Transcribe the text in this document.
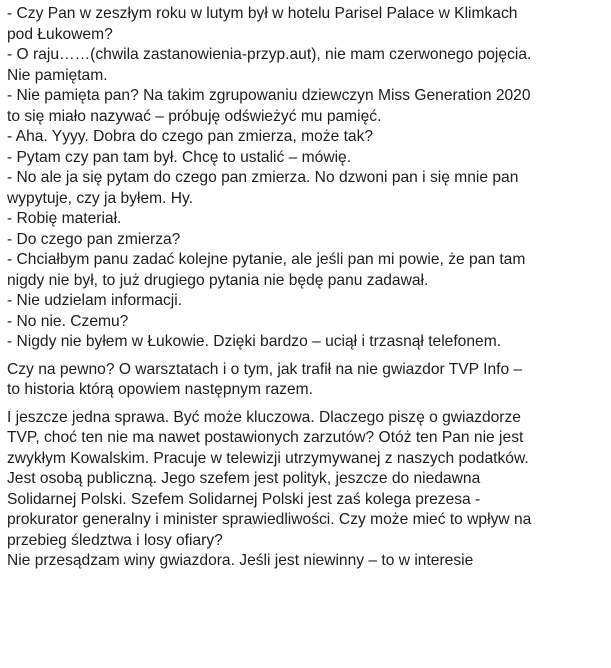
- Czy Pan w zeszłym roku w lutym był w hotelu Parisel Palace w Klimkach
pod Łukowem?
- O raju……(chwila zastanowienia-przyp.aut), nie mam czerwonego pojęcia.
Nie pamiętam.
- Nie pamięta pan? Na takim zgrupowaniu dziewczyn Miss Generation 2020
to się miało nazywać – próbuję odświeżyć mu pamięć.
- Aha. Yyyy. Dobra do czego pan zmierza, może tak?
- Pytam czy pan tam był. Chcę to ustalić – mówię.
- No ale ja się pytam do czego pan zmierza. No dzwoni pan i się mnie pan
wypytuje, czy ja byłem. Hy.
- Robię materiał.
- Do czego pan zmierza?
- Chciałbym panu zadać kolejne pytanie, ale jeśli pan mi powie, że pan tam
nigdy nie był, to już drugiego pytania nie będę panu zadawał.
- Nie udzielam informacji.
- No nie. Czemu?
- Nigdy nie byłem w Łukowie. Dzięki bardzo – uciął i trzasnął telefonem.
Czy na pewno? O warsztatach i o tym, jak trafił na nie gwiazdor TVP Info –
to historia którą opowiem następnym razem.
I jeszcze jedna sprawa. Być może kluczowa. Dlaczego piszę o gwiazdorze
TVP, choć ten nie ma nawet postawionych zarzutów? Otóż ten Pan nie jest
zwykłym Kowalskim. Pracuje w telewizji utrzymywanej z naszych podatków.
Jest osobą publiczną. Jego szefem jest polityk, jeszcze do niedawna
Solidarnej Polski. Szefem Solidarnej Polski jest zaś kolega prezesa -
prokurator generalny i minister sprawiedliwości. Czy może mieć to wpływ na
przebieg śledztwa i losy ofiary?
Nie przesądzam winy gwiazdora. Jeśli jest niewinny – to w interesie
